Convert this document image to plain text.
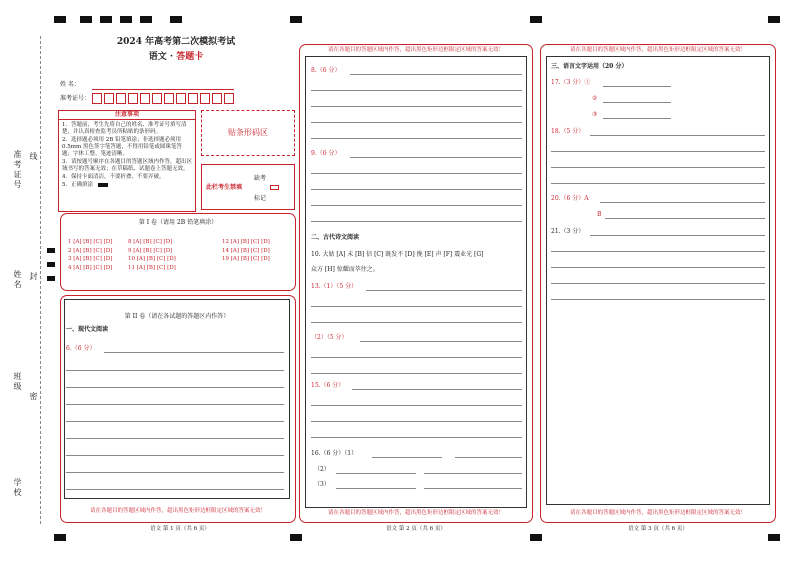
准考证号 线
姓名 封
班级
密
学校
2024 年高考第二次模拟考试
语文 · 答题卡
姓 名：
准考证号：
注意事项
1．答题前，考生先将自己的姓名、准考证号填写清楚，并认真检查监考员所粘贴的条形码。
2．选择题必须用 2B 铅笔填涂；非选择题必须用 0.5mm 黑色签字笔答题，不得用铅笔或圆珠笔答题；字体工整、笔迹清晰。
3．请按题号顺序在各题目的答题区域内作答，超出区域书写的答案无效；在草稿纸、试题卷上答题无效。
4．保持卡面清洁，不要折叠、不要弄破。
5．正确填涂
贴条形码区
缺考
此栏考生禁填
标记
第 I 卷（请用 2B 铅笔填涂）
1 [A] [B] [C] [D]
2 [A] [B] [C] [D]
3 [A] [B] [C] [D]
4 [A] [B] [C] [D]
8 [A] [B] [C] [D]
9 [A] [B] [C] [D]
10 [A] [B] [C] [D]
11 [A] [B] [C] [D]
12 [A] [B] [C] [D]
14 [A] [B] [C] [D]
19 [A] [B] [C] [D]
第 II 卷（请在各试题的答题区内作答）
一、现代文阅读
6.（6 分）
请在各题目的答题区域内作答，超出黑色矩形边框限定区域的答案无效！
语文 第 1 页（共 6 页）
请在各题目的答题区域内作答，超出黑色矩形边框限定区域的答案无效！
8.（6 分）
9.（6 分）
二、古代诗文阅读
10. 大姑 [A] 未 [B] 信 [C] 既发不 [D] 挽 [E] 声 [F] 震业光 [G]
众方 [H] 惊耀而萃往之。
13.（1）（5 分）
（2）（5 分）
15.（6 分）
16.（6 分）（1）
（2）
（3）
请在各题目的答题区域内作答，超出黑色矩形边框限定区域的答案无效！
语文 第 2 页（共 6 页）
请在各题目的答题区域内作答，超出黑色矩形边框限定区域的答案无效！
三、语言文字运用（20 分）
17.（3 分）①
②
③
18.（5 分）
20.（6 分）A
B
21.（3 分）
请在各题目的答题区域内作答，超出黑色矩形边框限定区域的答案无效！
语文 第 3 页（共 6 页）
